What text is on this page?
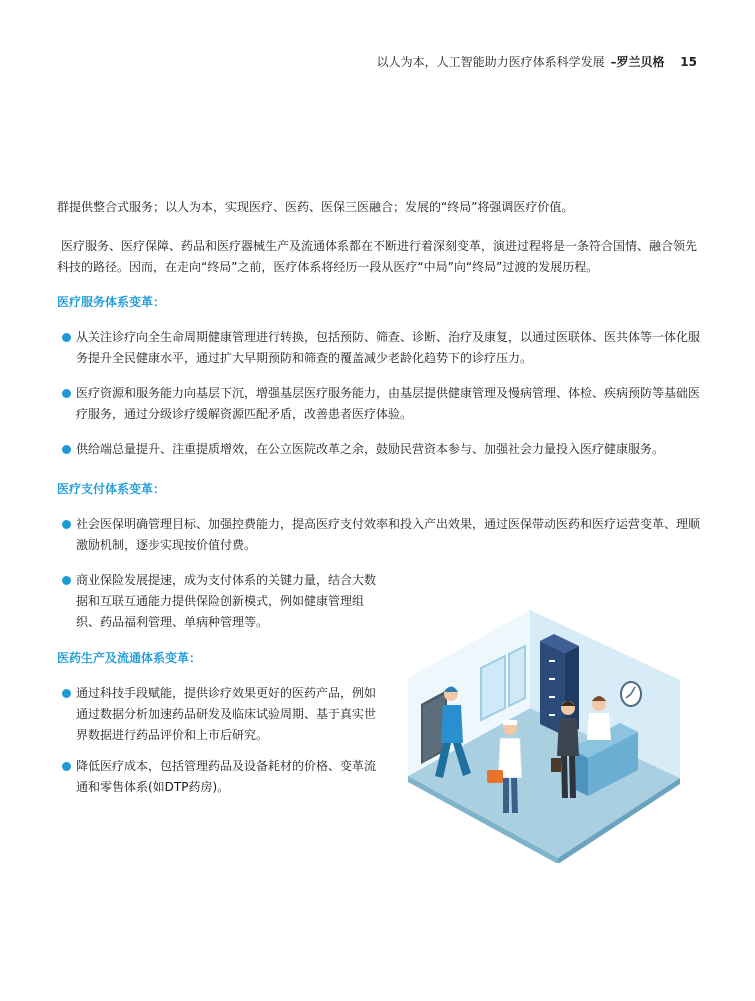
以人为本，人工智能助力医疗体系科学发展 –罗兰贝格 15

群提供整合式服务；以人为本，实现医疗、医药、医保三医融合；发展的“终局”将强调医疗价值。

医疗服务、医疗保障、药品和医疗器械生产及流通体系都在不断进行着深刻变革，演进过程将是一条符合国情、融合领先科技的路径。因而，在走向“终局”之前，医疗体系将经历一段从医疗“中局”向“终局”过渡的发展历程。

医疗服务体系变革：
从关注诊疗向全生命周期健康管理进行转换，包括预防、筛查、诊断、治疗及康复，以通过医联体、医共体等一体化服务提升全民健康水平，通过扩大早期预防和筛查的覆盖减少老龄化趋势下的诊疗压力。
医疗资源和服务能力向基层下沉，增强基层医疗服务能力，由基层提供健康管理及慢病管理、体检、疾病预防等基础医疗服务，通过分级诊疗缓解资源匹配矛盾，改善患者医疗体验。
供给端总量提升、注重提质增效，在公立医院改革之余，鼓励民营资本参与、加强社会力量投入医疗健康服务。
医疗支付体系变革：
社会医保明确管理目标、加强控费能力，提高医疗支付效率和投入产出效果，通过医保带动医药和医疗运营变革、理顺激励机制，逐步实现按价值付费。
商业保险发展提速，成为支付体系的关键力量，结合大数据和互联互通能力提供保险创新模式，例如健康管理组织、药品福利管理、单病种管理等。
医药生产及流通体系变革：
通过科技手段赋能，提供诊疗效果更好的医药产品，例如通过数据分析加速药品研发及临床试验周期、基于真实世界数据进行药品评价和上市后研究。
降低医疗成本，包括管理药品及设备耗材的价格、变革流通和零售体系(如DTP药房)。
